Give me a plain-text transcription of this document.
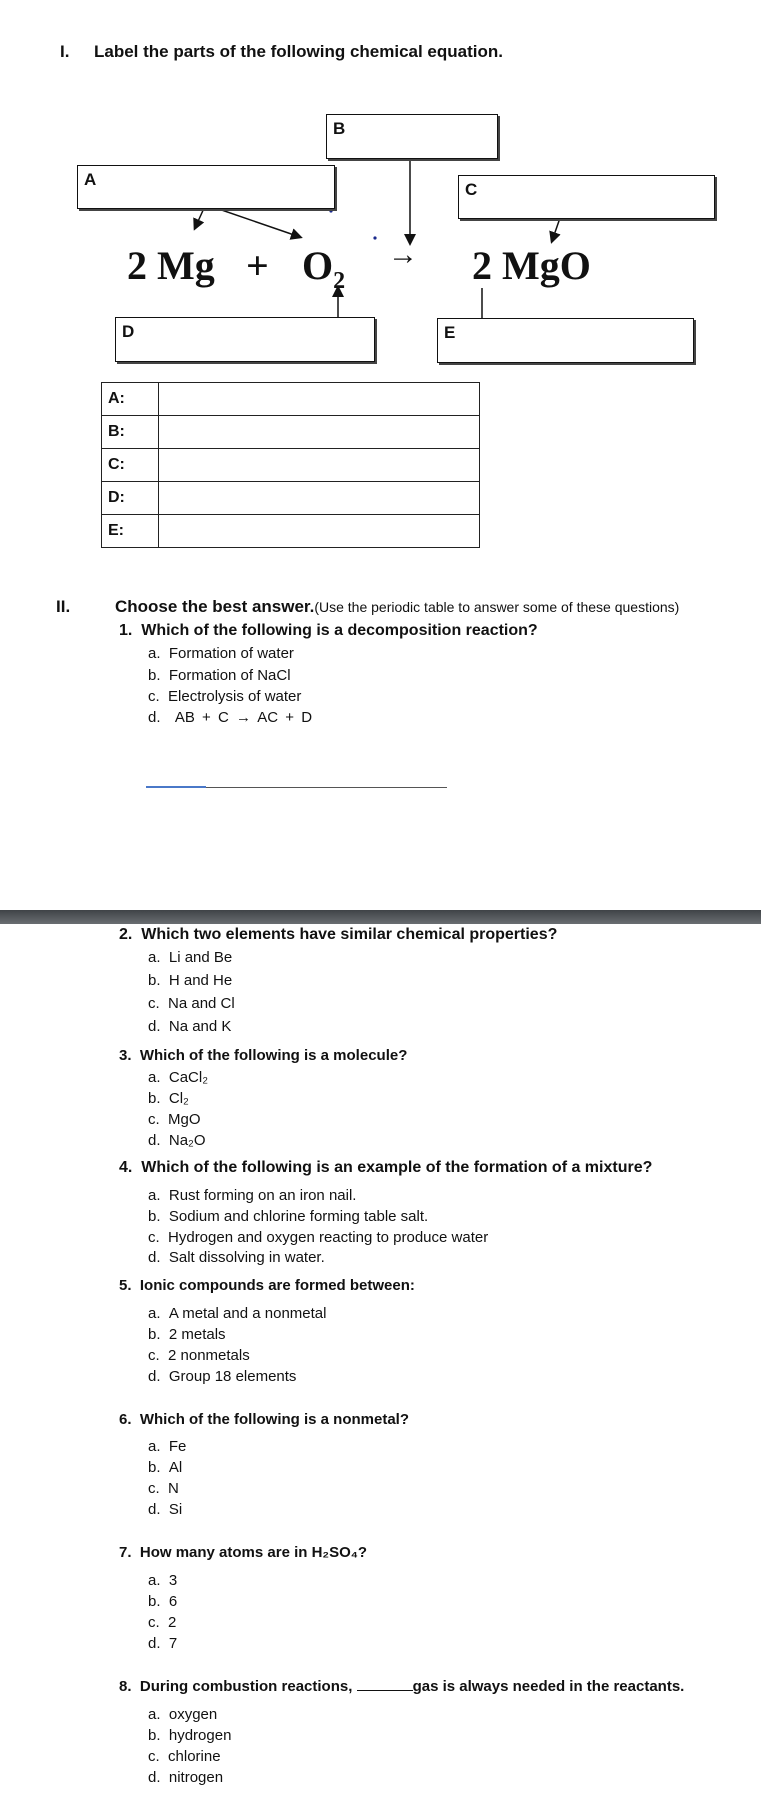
I. Label the parts of the following chemical equation.
B
A
C
D	E
2 $Mg + O_2$
→ 2 MgO
A:	
B:	
C:	
D:	
E:	
II.	Choose the best answer.(Use the periodic table to answer some of these questions)
1. Which of the following is a decomposition reaction?
a. Formation of water
b. Formation of NaCl
c. Electrolysis of water
d. AB + C → AC + D
2. Which two elements have similar chemical properties?
a. Li and Be
b. H and He
c. Na and Cl
d. Na and K
3. Which of the following is a molecule?
a. CaCl₂
b. Cl₂
c. MgO
d. Na₂O
4. Which of the following is an example of the formation of a mixture?
a. Rust forming on an iron nail.
b. Sodium and chlorine forming table salt.
c. Hydrogen and oxygen reacting to produce water
d. Salt dissolving in water.
5. Ionic compounds are formed between:
a. A metal and a nonmetal
b. 2 metals
c. 2 nonmetals
d. Group 18 elements
6. Which of the following is a nonmetal?
a. Fe
b. Al
c. N
d. Si
7. How many atoms are in H₂SO₄?
a. 3
b. 6
c. 2
d. 7
8. During combustion reactions,	gas is always needed in the reactants.
a. oxygen
b. hydrogen
c. chlorine
d. nitrogen
